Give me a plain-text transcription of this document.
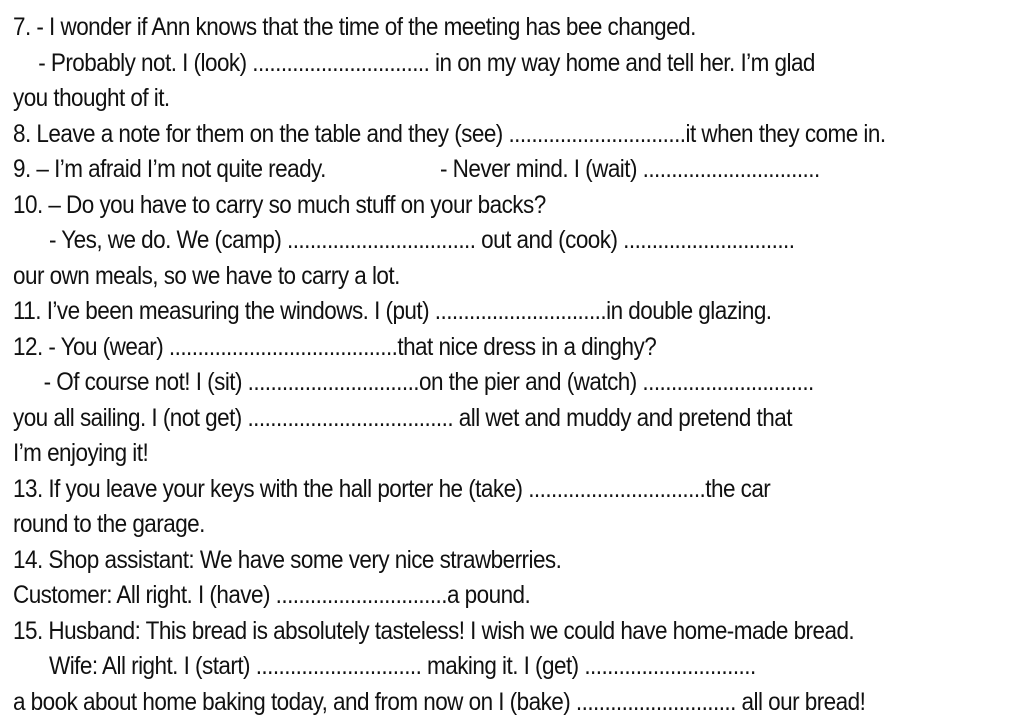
7. - I wonder if Ann knows that the time of the meeting has bee changed.
- Probably not. I (look) ............................... in on my way home and tell her. I’m glad
you thought of it.
8. Leave a note for them on the table and they (see) ...............................it when they come in.
9. – I’m afraid I’m not quite ready.                    - Never mind. I (wait) ...............................
10. – Do you have to carry so much stuff on your backs?
- Yes, we do. We (camp) ................................. out and (cook) ..............................
our own meals, so we have to carry a lot.
11. I’ve been measuring the windows. I (put) ..............................in double glazing.
12. - You (wear) ........................................that nice dress in a dinghy?
- Of course not! I (sit) ..............................on the pier and (watch) ..............................
you all sailing. I (not get) .................................... all wet and muddy and pretend that
I’m enjoying it!
13. If you leave your keys with the hall porter he (take) ...............................the car
round to the garage.
14. Shop assistant: We have some very nice strawberries.
Customer: All right. I (have) ..............................a pound.
15. Husband: This bread is absolutely tasteless! I wish we could have home-made bread.
Wife: All right. I (start) ............................. making it. I (get) ..............................
a book about home baking today, and from now on I (bake) ............................ all our bread!
